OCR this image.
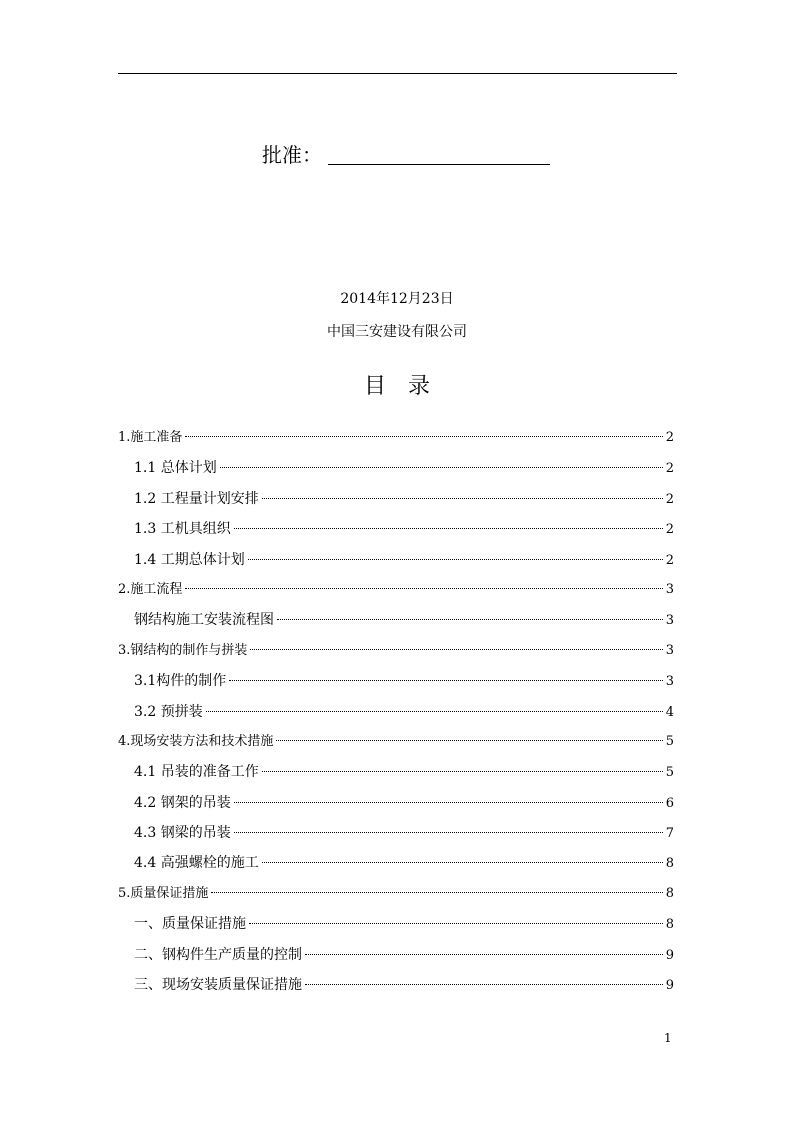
批准：
2014年12月23日
中国三安建设有限公司
目录
1.施工准备	2
1.1 总体计划	2
1.2 工程量计划安排	2
1.3 工机具组织	2
1.4 工期总体计划	2
2.施工流程	3
钢结构施工安装流程图	3
3.钢结构的制作与拼装	3
3.1构件的制作	3
3.2 预拼装	4
4.现场安装方法和技术措施	5
4.1 吊装的准备工作	5
4.2 钢架的吊装	6
4.3 钢梁的吊装	7
4.4 高强螺栓的施工	8
5.质量保证措施	8
一、质量保证措施	8
二、钢构件生产质量的控制	9
三、现场安装质量保证措施	9
1
